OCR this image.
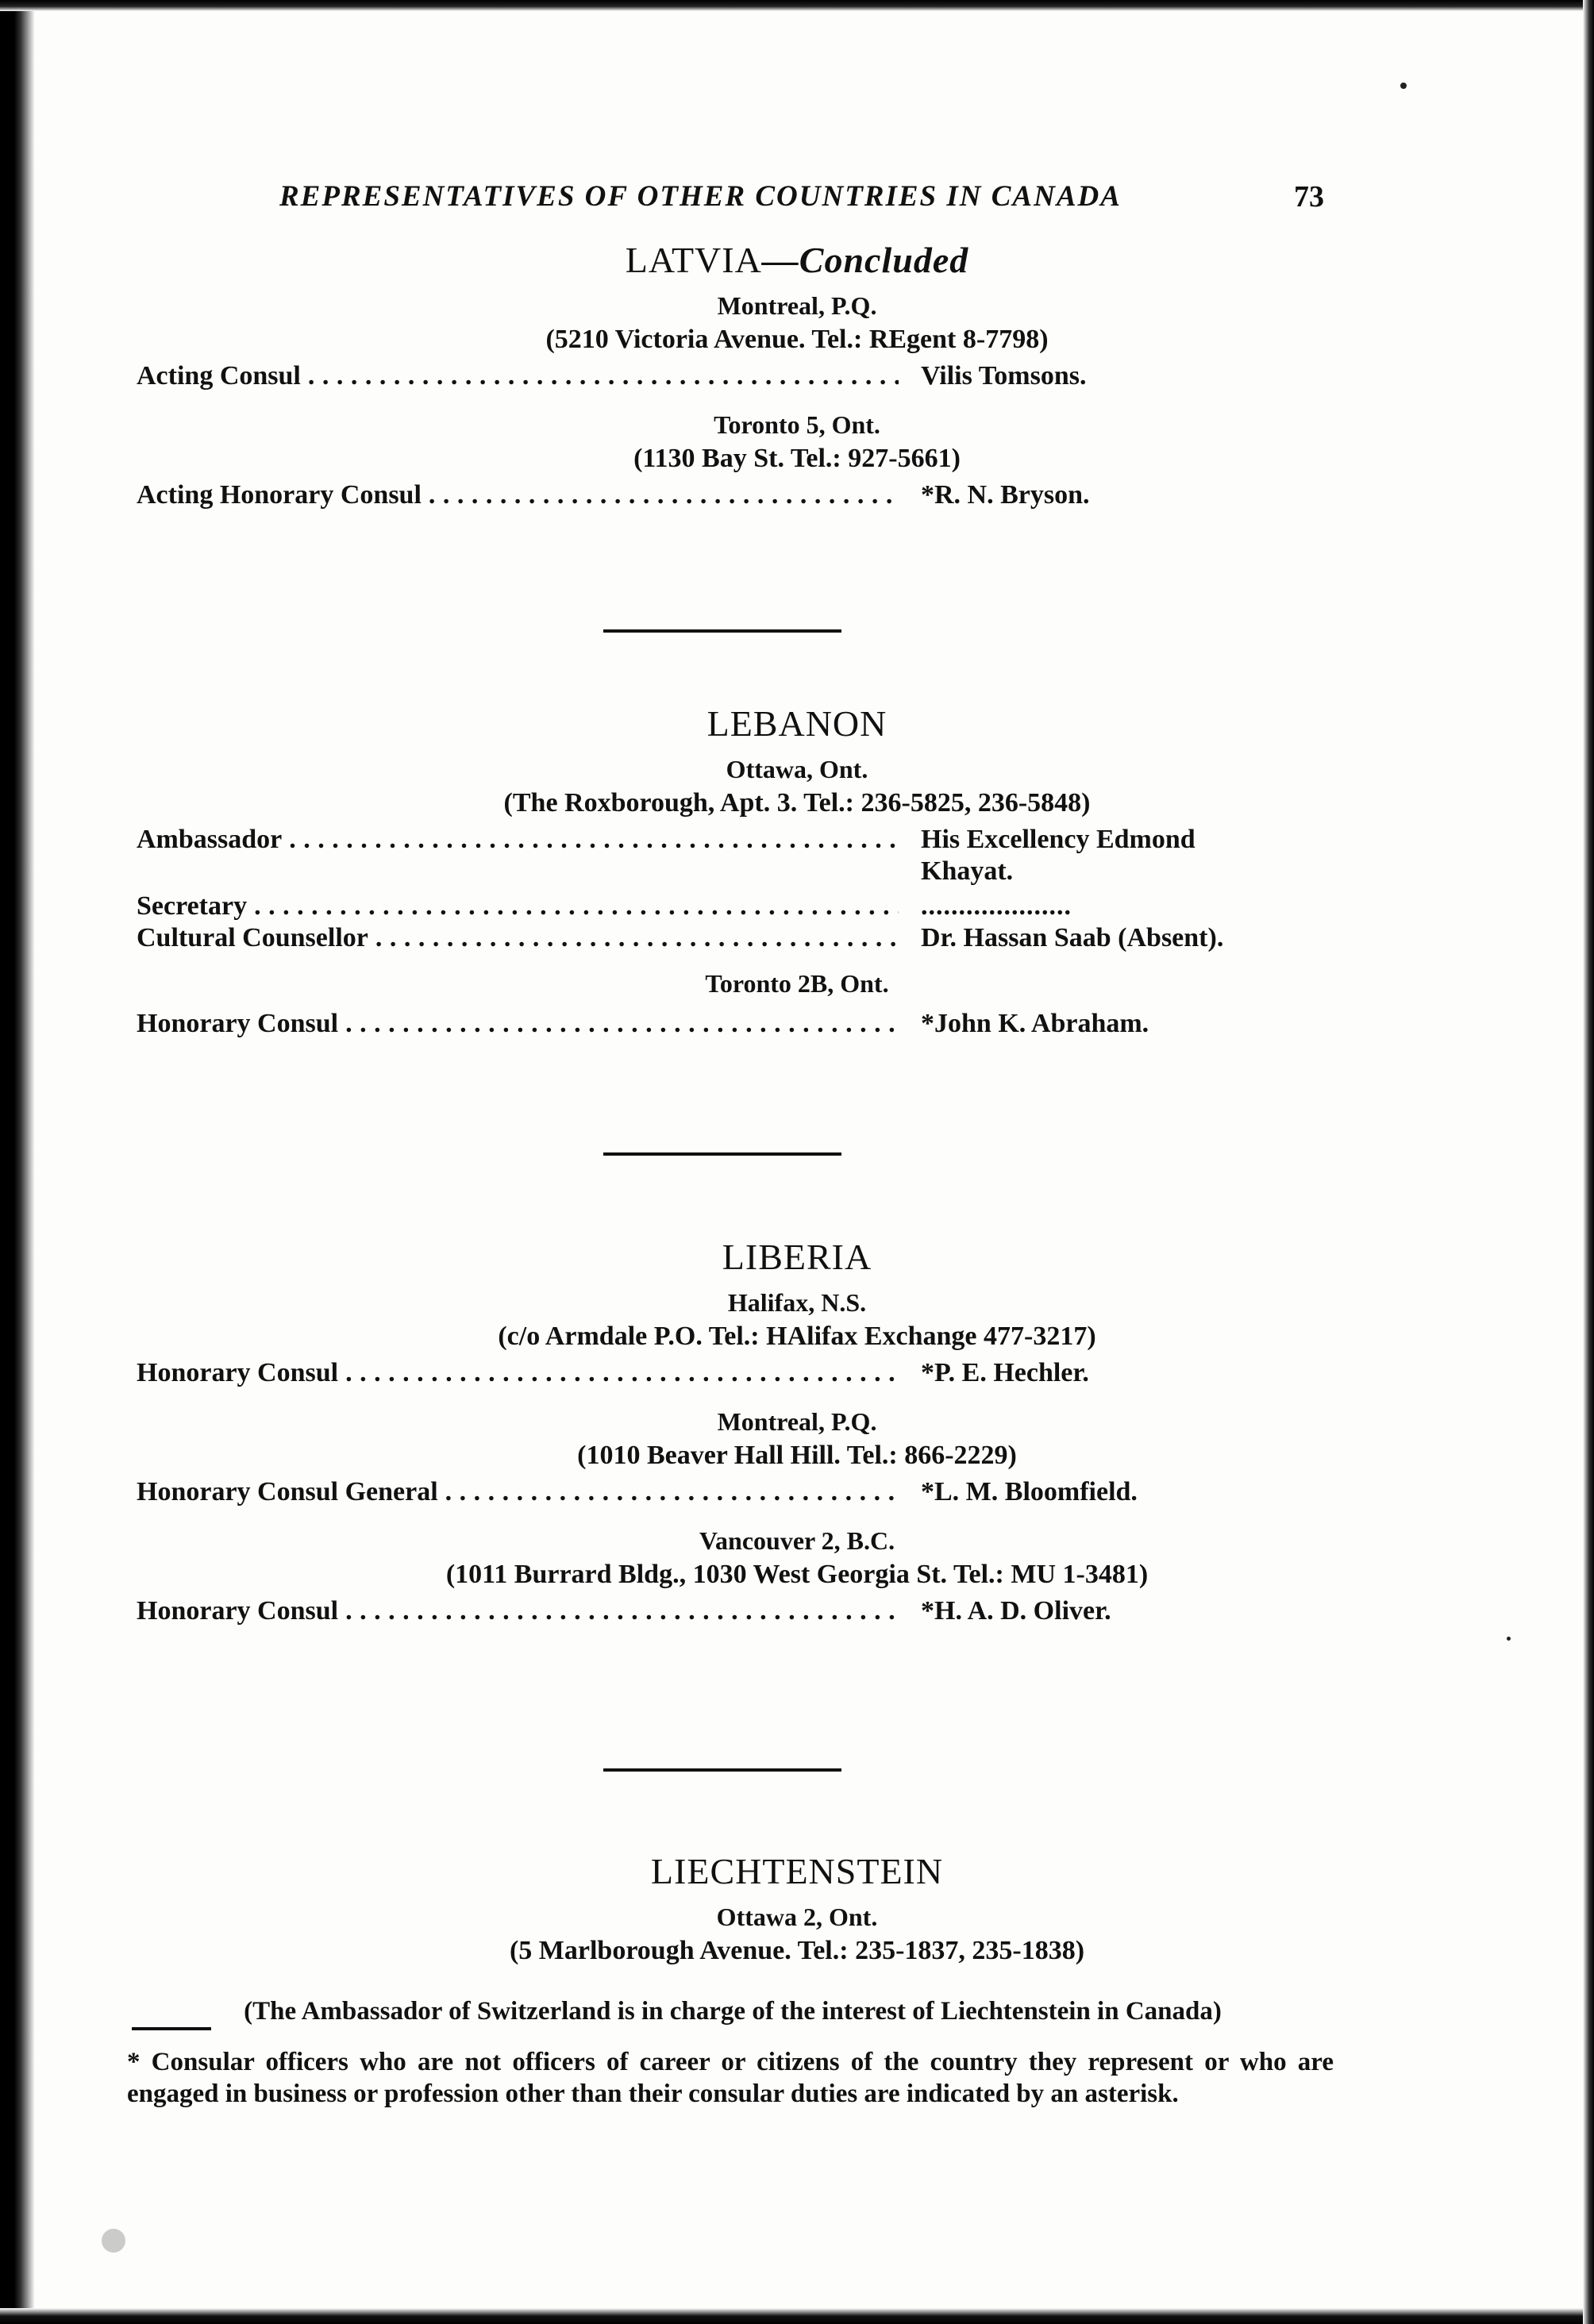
REPRESENTATIVES OF OTHER COUNTRIES IN CANADA	73
LATVIA—Concluded
Montreal, P.Q.
(5210 Victoria Avenue. Tel.: REgent 8-7798)
Acting Consul . . .	Vilis Tomsons.
Toronto 5, Ont.
(1130 Bay St. Tel.: 927-5661)
Acting Honorary Consul . . .	*R. N. Bryson.
LEBANON
Ottawa, Ont.
(The Roxborough, Apt. 3. Tel.: 236-5825, 236-5848)
Ambassador . . .	His Excellency Edmond Khayat.
Secretary . . .	....................
Cultural Counsellor . . .	Dr. Hassan Saab (Absent).
Toronto 2B, Ont.
Honorary Consul . . .	*John K. Abraham.
LIBERIA
Halifax, N.S.
(c/o Armdale P.O. Tel.: HAlifax Exchange 477-3217)
Honorary Consul . . .	*P. E. Hechler.
Montreal, P.Q.
(1010 Beaver Hall Hill. Tel.: 866-2229)
Honorary Consul General . . .	*L. M. Bloomfield.
Vancouver 2, B.C.
(1011 Burrard Bldg., 1030 West Georgia St. Tel.: MU 1-3481)
Honorary Consul . . .	*H. A. D. Oliver.
LIECHTENSTEIN
Ottawa 2, Ont.
(5 Marlborough Avenue. Tel.: 235-1837, 235-1838)
(The Ambassador of Switzerland is in charge of the interest of Liechtenstein in Canada)
* Consular officers who are not officers of career or citizens of the country they represent or who are engaged in business or profession other than their consular duties are indicated by an asterisk.
